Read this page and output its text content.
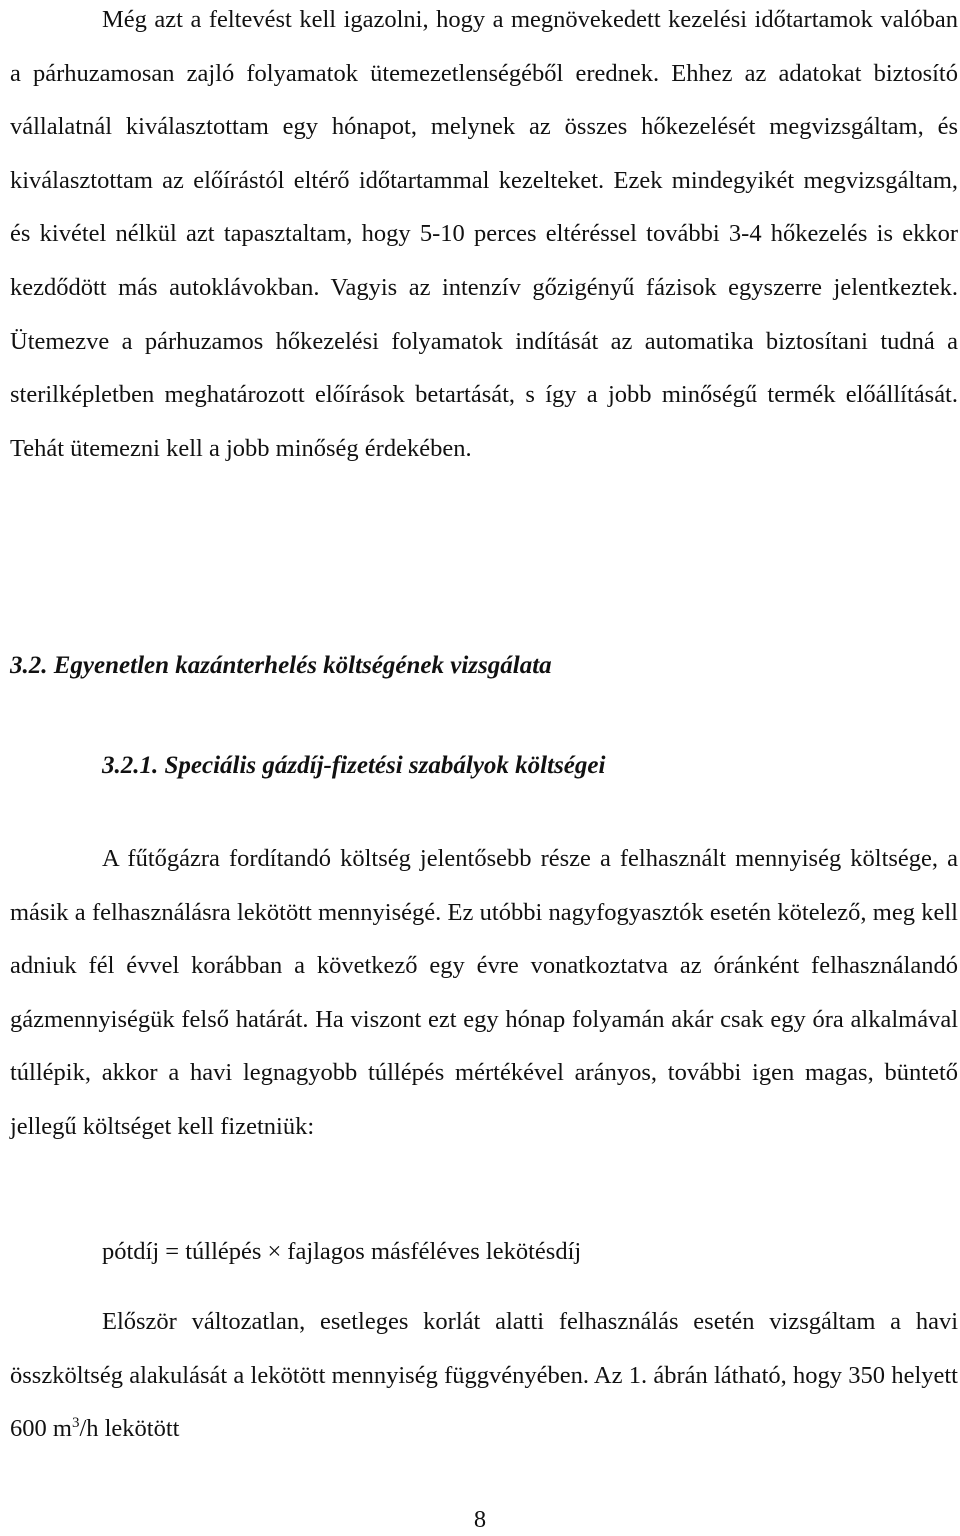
Még azt a feltevést kell igazolni, hogy a megnövekedett kezelési időtartamok valóban a párhuzamosan zajló folyamatok ütemezetlenségéből erednek. Ehhez az adatokat biztosító vállalatnál kiválasztottam egy hónapot, melynek az összes hőkezelését megvizsgáltam, és kiválasztottam az előírástól eltérő időtartammal kezelteket. Ezek mindegyikét megvizsgáltam, és kivétel nélkül azt tapasztaltam, hogy 5-10 perces eltéréssel további 3-4 hőkezelés is ekkor kezdődött más autoklávokban. Vagyis az intenzív gőzigényű fázisok egyszerre jelentkeztek. Ütemezve a párhuzamos hőkezelési folyamatok indítását az automatika biztosítani tudná a sterilképletben meghatározott előírások betartását, s így a jobb minőségű termék előállítását. Tehát ütemezni kell a jobb minőség érdekében.

3.2. Egyenetlen kazánterhelés költségének vizsgálata

3.2.1. Speciális gázdíj-fizetési szabályok költségei

A fűtőgázra fordítandó költség jelentősebb része a felhasznált mennyiség költsége, a másik a felhasználásra lekötött mennyiségé. Ez utóbbi nagyfogyasztók esetén kötelező, meg kell adniuk fél évvel korábban a következő egy évre vonatkoztatva az óránként felhasználandó gázmennyiségük felső határát. Ha viszont ezt egy hónap folyamán akár csak egy óra alkalmával túllépik, akkor a havi legnagyobb túllépés mértékével arányos, további igen magas, büntető jellegű költséget kell fizetniük:

pótdíj = túllépés × fajlagos másféléves lekötésdíj

Először változatlan, esetleges korlát alatti felhasználás esetén vizsgáltam a havi összköltség alakulását a lekötött mennyiség függvényében. Az 1. ábrán látható, hogy 350 helyett 600 $m^3/h$ lekötött

8
